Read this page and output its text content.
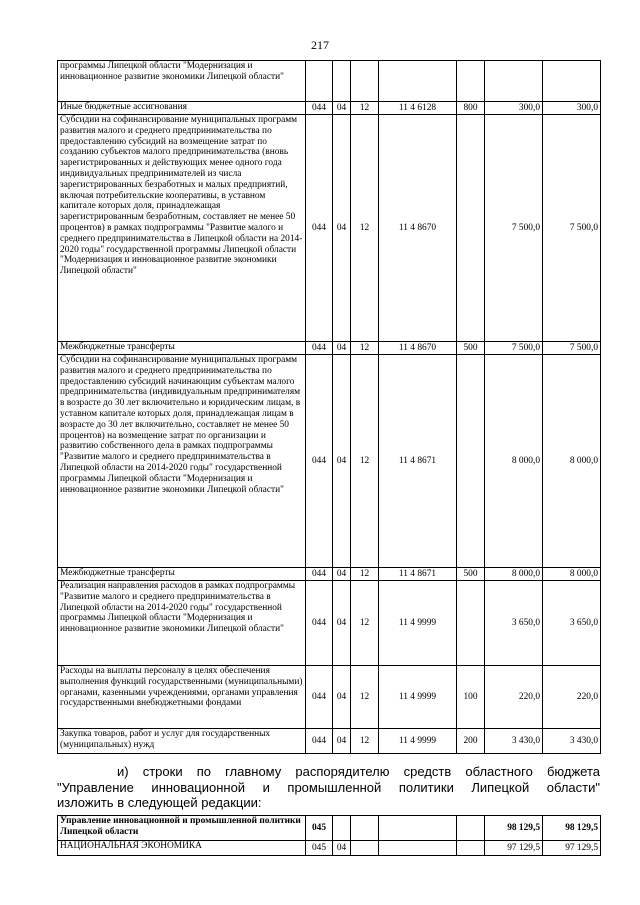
217
программы Липецкой области "Модернизация и инновационное развитие экономики Липецкой области"							
Иные бюджетные ассигнования	044	04	12	11 4 6128	800	300,0	300,0
Субсидии на софинансирование муниципальных программ развития малого и среднего предпринимательства по предоставлению субсидий на возмещение затрат по созданию субъектов малого предпринимательства (вновь зарегистрированных и действующих менее одного года индивидуальных предпринимателей из числа зарегистрированных безработных и малых предприятий, включая потребительские кооперативы, в уставном капитале которых доля, принадлежащая зарегистрированным безработным, составляет не менее 50 процентов) в рамках подпрограммы "Развитие малого и среднего предпринимательства в Липецкой области на 2014-2020 годы" государственной программы Липецкой области "Модернизация и инновационное развитие экономики Липецкой области"	044	04	12	11 4 8670		7 500,0	7 500,0
Межбюджетные трансферты	044	04	12	11 4 8670	500	7 500,0	7 500,0
Субсидии на софинансирование муниципальных программ развития малого и среднего предпринимательства по предоставлению субсидий начинающим субъектам малого предпринимательства (индивидуальным предпринимателям в возрасте до 30 лет включительно и юридическим лицам, в уставном капитале которых доля, принадлежащая лицам в возрасте до 30 лет включительно, составляет не менее 50 процентов) на возмещение затрат по организации и развитию собственного дела в рамках подпрограммы "Развитие малого и среднего предпринимательства в Липецкой области на 2014-2020 годы" государственной программы Липецкой области "Модернизация и инновационное развитие экономики Липецкой области"	044	04	12	11 4 8671		8 000,0	8 000,0
Межбюджетные трансферты	044	04	12	11 4 8671	500	8 000,0	8 000,0
Реализация направления расходов в рамках подпрограммы "Развитие малого и среднего предпринимательства в Липецкой области на 2014-2020 годы" государственной программы Липецкой области "Модернизация и инновационное развитие экономики Липецкой области"	044	04	12	11 4 9999		3 650,0	3 650,0
Расходы на выплаты персоналу в целях обеспечения выполнения функций государственными (муниципальными) органами, казенными учреждениями, органами управления государственными внебюджетными фондами	044	04	12	11 4 9999	100	220,0	220,0
Закупка товаров, работ и услуг для государственных (муниципальных) нужд	044	04	12	11 4 9999	200	3 430,0	3 430,0
и) строки по главному распорядителю средств областного бюджета
"Управление инновационной и промышленной политики Липецкой области"
изложить в следующей редакции:
Управление инновационной и промышленной политики Липецкой области	045					98 129,5	98 129,5
НАЦИОНАЛЬНАЯ ЭКОНОМИКА	045	04				97 129,5	97 129,5
